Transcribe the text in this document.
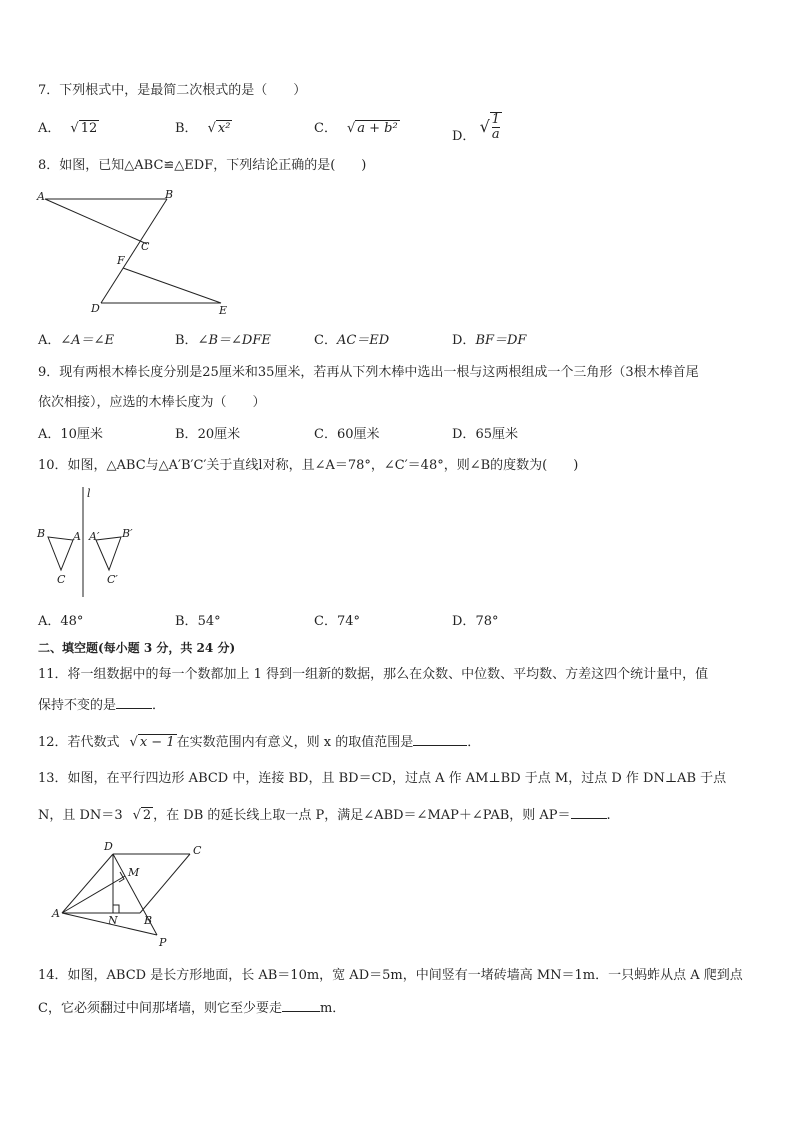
7．下列根式中，是最简二次根式的是（　　）
A． √ 12	B． √ x²	C． √ a + b²	D． √ $\frac{1}{a}$
8．如图，已知△ABC≌△EDF，下列结论正确的是(　　)
A	B
C
F
D	E
A．∠A＝∠E	B．∠B＝∠DFE	C．AC＝ED	D．BF＝DF
9．现有两根木棒长度分别是25厘米和35厘米，若再从下列木棒中选出一根与这两根组成一个三角形（3根木棒首尾
依次相接），应选的木棒长度为（　　）
A．10厘米	B．20厘米	C．60厘米	D．65厘米
10．如图，△ABC与△A′B′C′关于直线l对称，且∠A＝78°，∠C′＝48°，则∠B的度数为(　　)
l
B	A A′ B′
C	C′
A．48°	B．54°	C．74°	D．78°
二、填空题(每小题 3 分，共 24 分)
11．将一组数据中的每一个数都加上 1 得到一组新的数据，那么在众数、中位数、平均数、方差这四个统计量中，值
保持不变的是	．
12．若代数式 √ x − 1 在实数范围内有意义，则 x 的取值范围是	．
13．如图，在平行四边形 ABCD 中，连接 BD，且 BD＝CD，过点 A 作 AM⊥BD 于点 M，过点 D 作 DN⊥AB 于点
N，且 DN＝3 √ 2 ，在 DB 的延长线上取一点 P，满足∠ABD＝∠MAP＋∠PAB，则 AP＝	.
D	C
M
A
N B
P
14．如图，ABCD 是长方形地面，长 AB＝10m，宽 AD＝5m，中间竖有一堵砖墙高 MN＝1m．一只蚂蚱从点 A 爬到点
C，它必须翻过中间那堵墙，则它至少要走	m．
